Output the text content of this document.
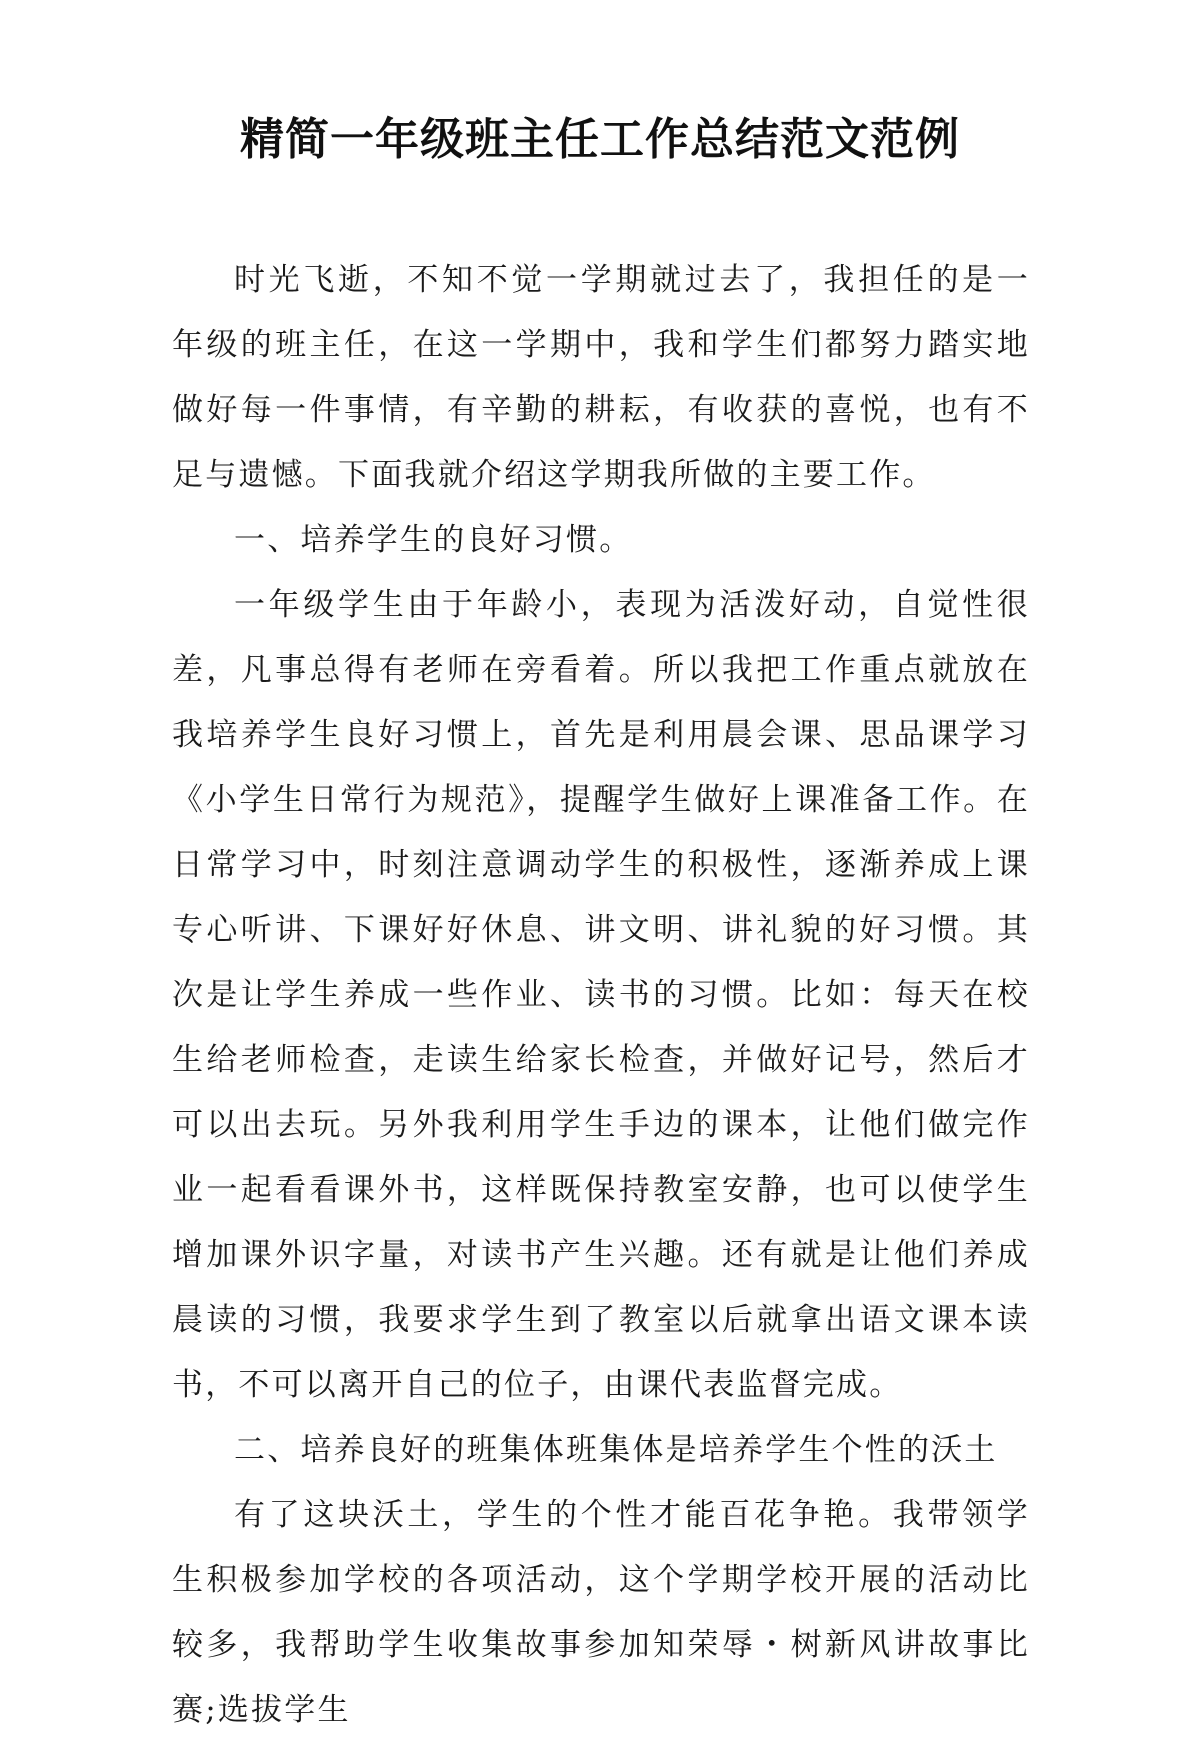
精简一年级班主任工作总结范文范例

时光飞逝，不知不觉一学期就过去了，我担任的是一年级的班主任，在这一学期中，我和学生们都努力踏实地做好每一件事情，有辛勤的耕耘，有收获的喜悦，也有不足与遗憾。下面我就介绍这学期我所做的主要工作。

一、培养学生的良好习惯。

一年级学生由于年龄小，表现为活泼好动，自觉性很差，凡事总得有老师在旁看着。所以我把工作重点就放在我培养学生良好习惯上，首先是利用晨会课、思品课学习《小学生日常行为规范》，提醒学生做好上课准备工作。在日常学习中，时刻注意调动学生的积极性，逐渐养成上课专心听讲、下课好好休息、讲文明、讲礼貌的好习惯。其次是让学生养成一些作业、读书的习惯。比如：每天在校生给老师检查，走读生给家长检查，并做好记号，然后才可以出去玩。另外我利用学生手边的课本，让他们做完作业一起看看课外书，这样既保持教室安静，也可以使学生增加课外识字量，对读书产生兴趣。还有就是让他们养成晨读的习惯，我要求学生到了教室以后就拿出语文课本读书，不可以离开自己的位子，由课代表监督完成。

二、培养良好的班集体班集体是培养学生个性的沃土

有了这块沃土，学生的个性才能百花争艳。我带领学生积极参加学校的各项活动，这个学期学校开展的活动比较多，我帮助学生收集故事参加知荣辱・树新风讲故事比赛;选拔学生
